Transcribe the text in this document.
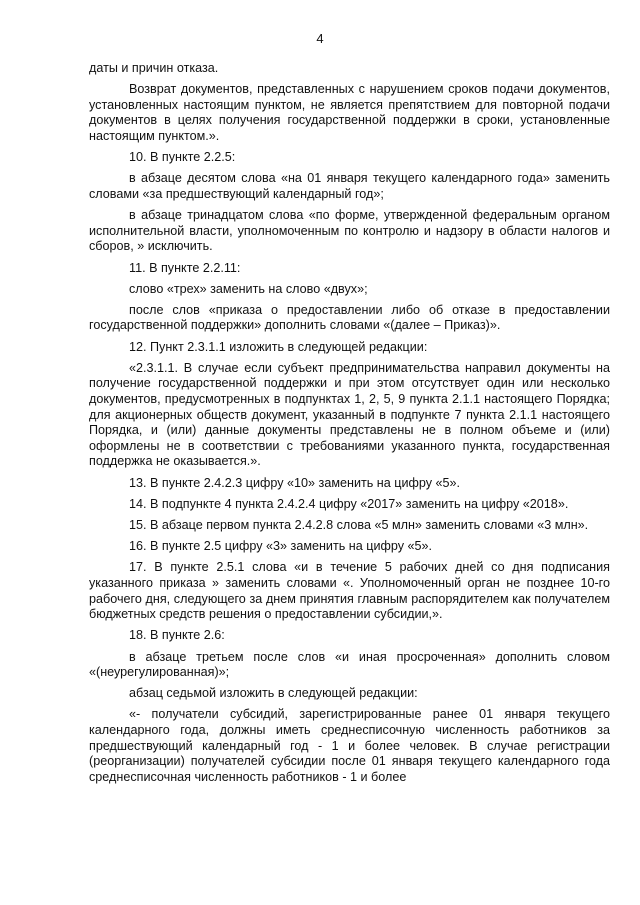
4

даты и причин отказа.

Возврат документов, представленных с нарушением сроков подачи документов, установленных настоящим пунктом, не является препятствием для повторной подачи документов в целях получения государственной поддержки в сроки, установленные настоящим пунктом.».

10. В пункте 2.2.5:

в абзаце десятом слова «на 01 января текущего календарного года» заменить словами «за предшествующий календарный год»;

в абзаце тринадцатом слова «по форме, утвержденной федеральным органом исполнительной власти, уполномоченным по контролю и надзору в области налогов и сборов, » исключить.

11. В пункте 2.2.11:

слово «трех» заменить на слово «двух»;

после слов «приказа о предоставлении либо об отказе в предоставлении государственной поддержки» дополнить словами «(далее – Приказ)».

12. Пункт 2.3.1.1 изложить в следующей редакции:

«2.3.1.1. В случае если субъект предпринимательства направил документы на получение государственной поддержки и при этом отсутствует один или несколько документов, предусмотренных в подпунктах 1, 2, 5, 9 пункта 2.1.1 настоящего Порядка; для акционерных обществ документ, указанный в подпункте 7 пункта 2.1.1 настоящего Порядка, и (или) данные документы представлены не в полном объеме и (или) оформлены не в соответствии с требованиями указанного пункта, государственная поддержка не оказывается.».

13. В пункте 2.4.2.3 цифру «10» заменить на цифру «5».

14. В подпункте 4 пункта 2.4.2.4 цифру «2017» заменить на цифру «2018».

15. В абзаце первом пункта 2.4.2.8 слова «5 млн» заменить словами «3 млн».

16. В пункте 2.5 цифру «3» заменить на цифру «5».

17. В пункте 2.5.1 слова «и в течение 5 рабочих дней со дня подписания указанного приказа » заменить словами «. Уполномоченный орган не позднее 10-го рабочего дня, следующего за днем принятия главным распорядителем как получателем бюджетных средств решения о предоставлении субсидии,».

18. В пункте 2.6:

в абзаце третьем после слов «и иная просроченная» дополнить словом «(неурегулированная)»;

абзац седьмой изложить в следующей редакции:

«- получатели субсидий, зарегистрированные ранее 01 января текущего календарного года, должны иметь среднесписочную численность работников за предшествующий календарный год - 1 и более человек. В случае регистрации (реорганизации) получателей субсидии после 01 января текущего календарного года среднесписочная численность работников - 1 и более
